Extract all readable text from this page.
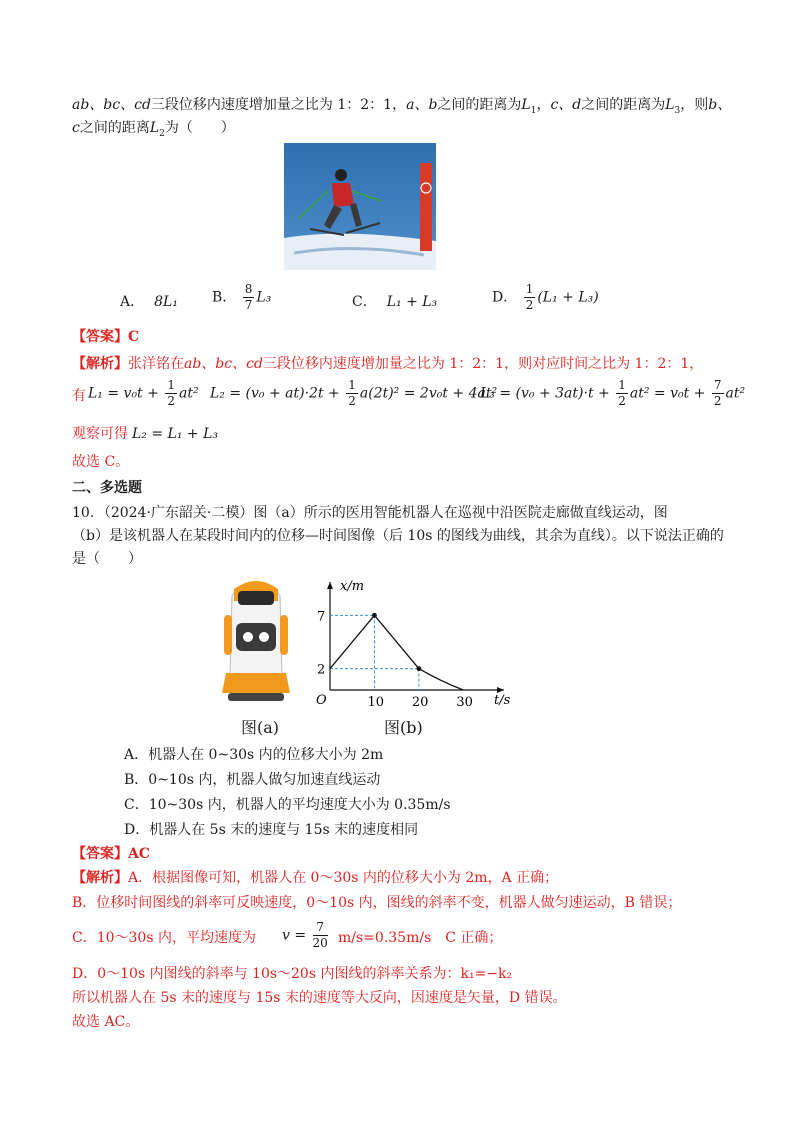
ab、bc、cd三段位移内速度增加量之比为 1：2：1，a、b之间的距离为$L_1$，c、d之间的距离为$L_3$，则b、
c之间的距离$L_2$为（　　）
A． 8L₁ B． $\frac{8}{7} L_3$	C． L₁ + L₃	D． $\frac{1}{2} (L_1 + L_3)$
【答案】C
【解析】张洋铭在ab、bc、cd三段位移内速度增加量之比为 1：2：1，则对应时间之比为 1：2：1，
有 $L_1 = v_0t + \frac{1}{2} at^2$ $L_2 = (v_0 + at)\cdot 2t + \frac{1}{2} a(2t)^2 = 2v_0t + 4at^2$
$L_3 = (v_0 + 3at)\cdot t + \frac{1}{2} at^2 = v_0t + \frac{7}{2} at^2$
观察可得 L₂ = L₁ + L₃
故选 C。
二、多选题
10．（2024·广东韶关·二模）图（a）所示的医用智能机器人在巡视中沿医院走廊做直线运动，图
（b）是该机器人在某段时间内的位移—时间图像（后 10s 的图线为曲线，其余为直线）。以下说法正确的
是（　　）
图(a)
t/s
x/m
O	10 20 30
2
7
图(b)
A．机器人在 0~30s 内的位移大小为 2m
B．0~10s 内，机器人做匀加速直线运动
C．10~30s 内，机器人的平均速度大小为 0.35m/s
D．机器人在 5s 末的速度与 15s 末的速度相同
【答案】AC
【解析】A．根据图像可知，机器人在 0～30s 内的位移大小为 2m，A 正确；
B．位移时间图线的斜率可反映速度，0～10s 内，图线的斜率不变，机器人做匀速运动，B 错误；
C．10～30s 内，平均速度为 $v = \frac{7}{20} m/s=0.35m/s$　C 正确；
D．0～10s 内图线的斜率与 10s～20s 内图线的斜率关系为：k₁=−k₂
所以机器人在 5s 末的速度与 15s 末的速度等大反向，因速度是矢量，D 错误。
故选 AC。
